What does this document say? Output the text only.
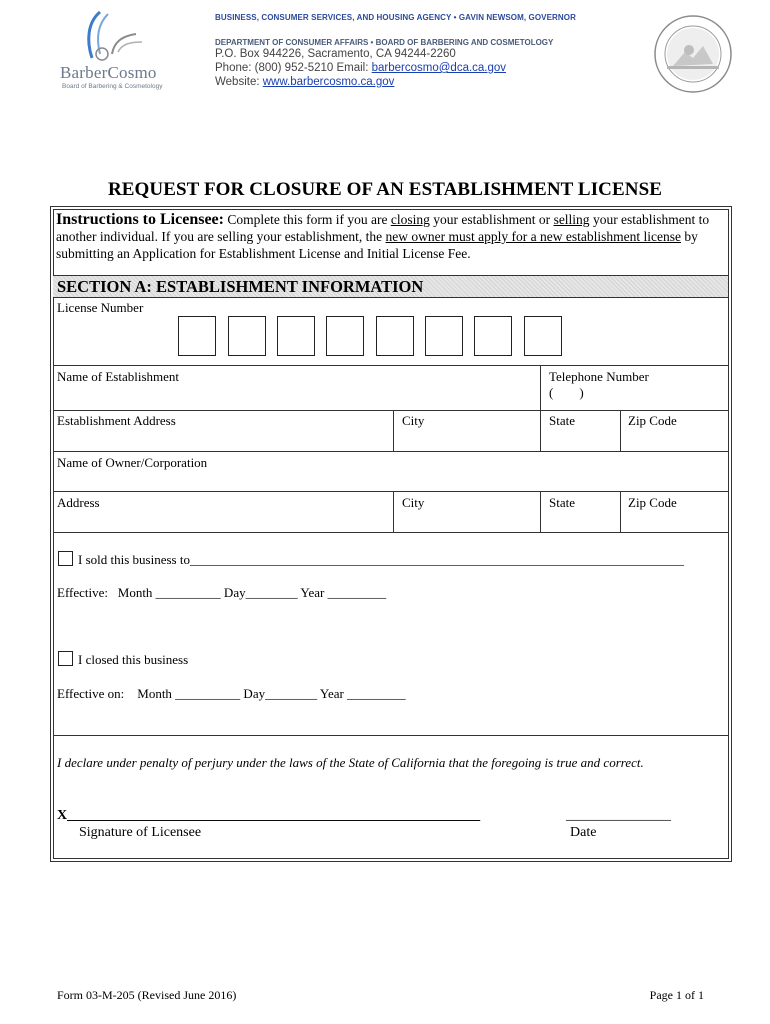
BarberCosmo
Board of Barbering & Cosmetology
BUSINESS, CONSUMER SERVICES, AND HOUSING AGENCY • GAVIN NEWSOM, GOVERNOR
DEPARTMENT OF CONSUMER AFFAIRS • BOARD OF BARBERING AND COSMETOLOGY
P.O. Box 944226, Sacramento, CA 94244-2260
Phone: (800) 952-5210 Email: barbercosmo@dca.ca.gov
Website: www.barbercosmo.ca.gov
REQUEST FOR CLOSURE OF AN ESTABLISHMENT LICENSE
Instructions to Licensee: Complete this form if you are closing your establishment or selling your establishment to another individual. If you are selling your establishment, the new owner must apply for a new establishment license by submitting an Application for Establishment License and Initial License Fee.
SECTION A: ESTABLISHMENT INFORMATION
License Number
Name of Establishment	Telephone Number
(        )
Establishment Address	City	State	Zip Code
Name of Owner/Corporation
Address	City	State	Zip Code
I sold this business to____________________________________________________________________________
Effective:   Month __________ Day________ Year _________
I closed this business
Effective on:    Month __________ Day________ Year _________
I declare under penalty of perjury under the laws of the State of California that the foregoing is true and correct.
X___________________________________________________________
Signature of Licensee
_______________
Date
Form 03-M-205 (Revised June 2016)	Page 1 of 1
